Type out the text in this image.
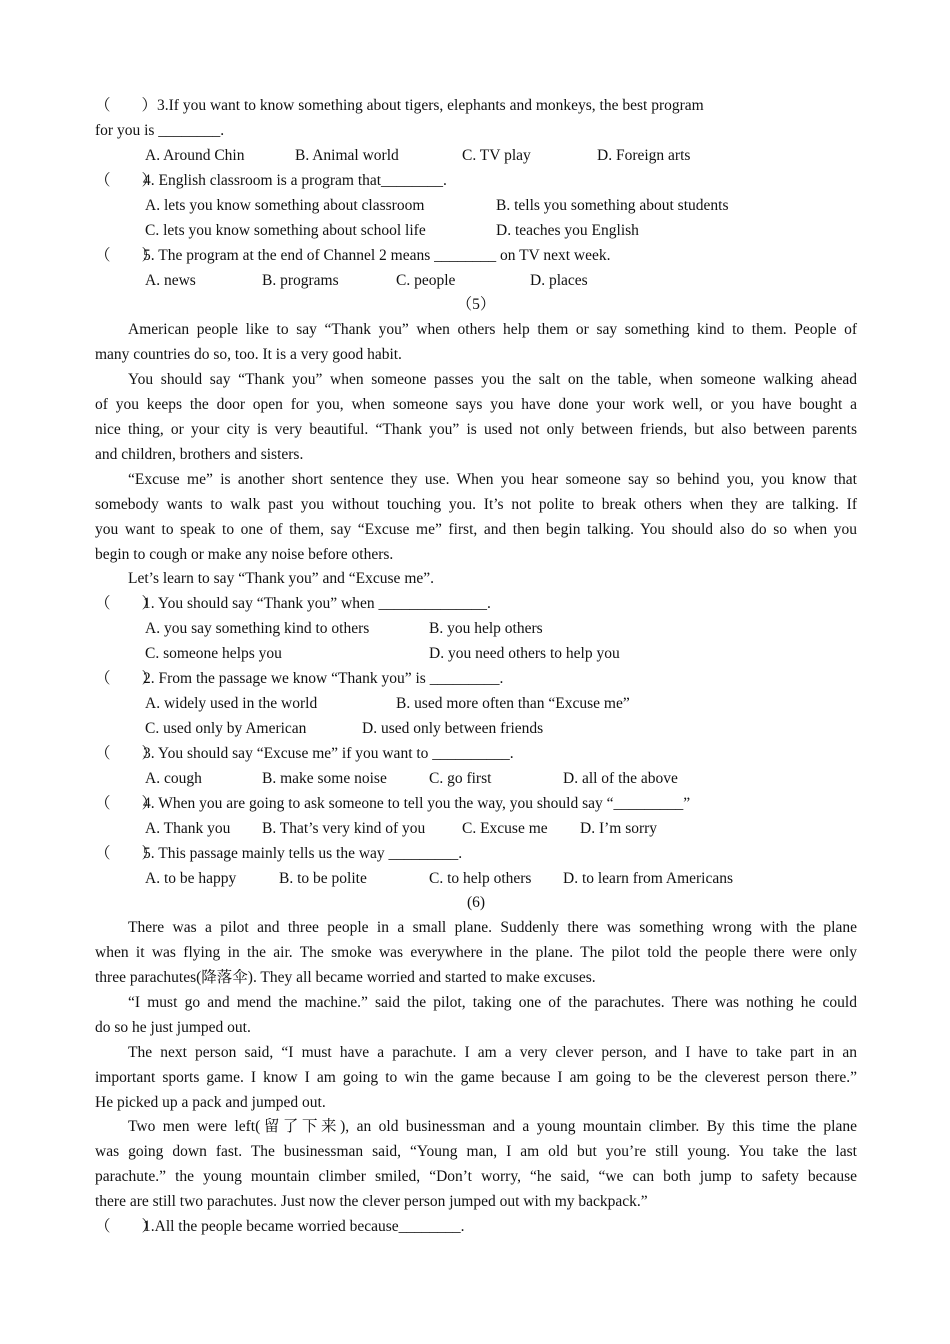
（　　）3.If you want to know something about tigers, elephants and monkeys, the best program
for you is ________.
A. Around Chin	B. Animal world	C. TV play	D. Foreign arts
（　　）4. English classroom is a program that________.
A. lets you know something about classroom	B. tells you something about students
C. lets you know something about school life	D. teaches you English
（　　）5. The program at the end of Channel 2 means ________ on TV next week.
A. news	B. programs	C. people	D. places
（5）
American people like to say “Thank you” when others help them or say something kind to them. People of
many countries do so, too. It is a very good habit.
You should say “Thank you” when someone passes you the salt on the table, when someone walking ahead
of you keeps the door open for you, when someone says you have done your work well, or you have bought a
nice thing, or your city is very beautiful. “Thank you” is used not only between friends, but also between parents
and children, brothers and sisters.
“Excuse me” is another short sentence they use. When you hear someone say so behind you, you know that
somebody wants to walk past you without touching you. It’s not polite to break others when they are talking. If
you want to speak to one of them, say “Excuse me” first, and then begin talking. You should also do so when you
begin to cough or make any noise before others.
Let’s learn to say “Thank you” and “Excuse me”.
（　　）1. You should say “Thank you” when ______________.
A. you say something kind to others	B. you help others
C. someone helps you	D. you need others to help you
（　　）2. From the passage we know “Thank you” is _________.
A. widely used in the world	B. used more often than “Excuse me”
C. used only by American	D. used only between friends
（　　）3. You should say “Excuse me” if you want to __________.
A. cough	B. make some noise	C. go first	D. all of the above
（　　）4. When you are going to ask someone to tell you the way, you should say “_________”
A. Thank you B. That’s very kind of you C. Excuse me D. I’m sorry
（　　）5. This passage mainly tells us the way _________.
A. to be happy	B. to be polite	C. to help others D. to learn from Americans
(6)
There was a pilot and three people in a small plane. Suddenly there was something wrong with the plane
when it was flying in the air. The smoke was everywhere in the plane. The pilot told the people there were only
three parachutes(降落伞). They all became worried and started to make excuses.
“I must go and mend the machine.” said the pilot, taking one of the parachutes. There was nothing he could
do so he just jumped out.
The next person said, “I must have a parachute. I am a very clever person, and I have to take part in an
important sports game. I know I am going to win the game because I am going to be the cleverest person there.”
He picked up a pack and jumped out.
Two men were left(留了下来), an old businessman and a young mountain climber. By this time the plane
was going down fast. The businessman said, “Young man, I am old but you’re still young. You take the last
parachute.” the young mountain climber smiled, “Don’t worry, “he said, “we can both jump to safety because
there are still two parachutes. Just now the clever person jumped out with my backpack.”
（　　）1.All the people became worried because________.
